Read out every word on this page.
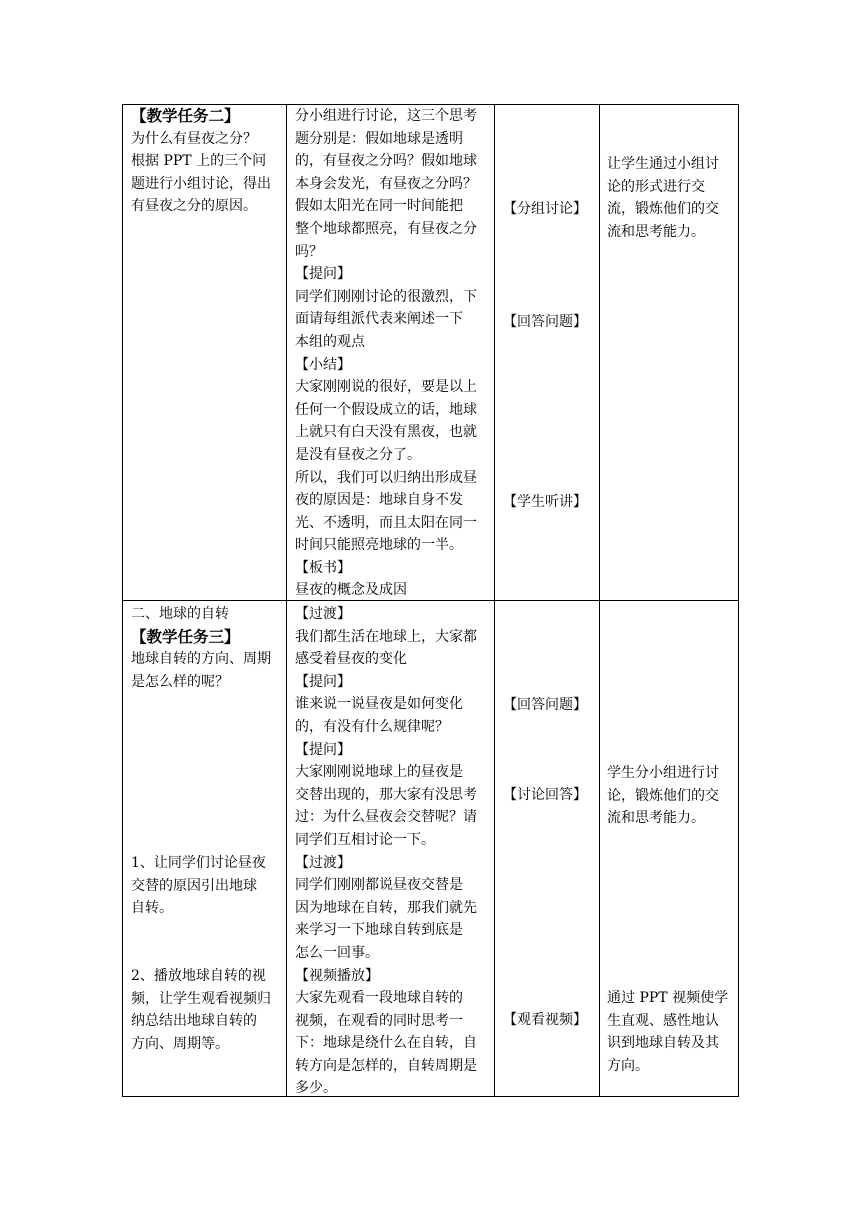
【教学任务二】
为什么有昼夜之分？
根据 PPT 上的三个问
题进行小组讨论，得出
有昼夜之分的原因。
分小组进行讨论，这三个思考
题分别是：假如地球是透明
的，有昼夜之分吗？假如地球
本身会发光，有昼夜之分吗？
假如太阳光在同一时间能把
整个地球都照亮，有昼夜之分
吗？
【提问】
同学们刚刚讨论的很激烈，下
面请每组派代表来阐述一下
本组的观点
【小结】
大家刚刚说的很好，要是以上
任何一个假设成立的话，地球
上就只有白天没有黑夜，也就
是没有昼夜之分了。
所以，我们可以归纳出形成昼
夜的原因是：地球自身不发
光、不透明，而且太阳在同一
时间只能照亮地球的一半。
【板书】
昼夜的概念及成因
【分组讨论】
【回答问题】
【学生听讲】
让学生通过小组讨
论的形式进行交
流，锻炼他们的交
流和思考能力。
二、地球的自转
【教学任务三】
地球自转的方向、周期
是怎么样的呢？
1、让同学们讨论昼夜
交替的原因引出地球
自转。
2、播放地球自转的视
频，让学生观看视频归
纳总结出地球自转的
方向、周期等。
【过渡】
我们都生活在地球上，大家都
感受着昼夜的变化
【提问】
谁来说一说昼夜是如何变化
的，有没有什么规律呢？
【提问】
大家刚刚说地球上的昼夜是
交替出现的，那大家有没思考
过：为什么昼夜会交替呢？请
同学们互相讨论一下。
【过渡】
同学们刚刚都说昼夜交替是
因为地球在自转，那我们就先
来学习一下地球自转到底是
怎么一回事。
【视频播放】
大家先观看一段地球自转的
视频，在观看的同时思考一
下：地球是绕什么在自转，自
转方向是怎样的，自转周期是
多少。
【回答问题】
【讨论回答】
【观看视频】
学生分小组进行讨
论，锻炼他们的交
流和思考能力。
通过 PPT 视频使学
生直观、感性地认
识到地球自转及其
方向。
